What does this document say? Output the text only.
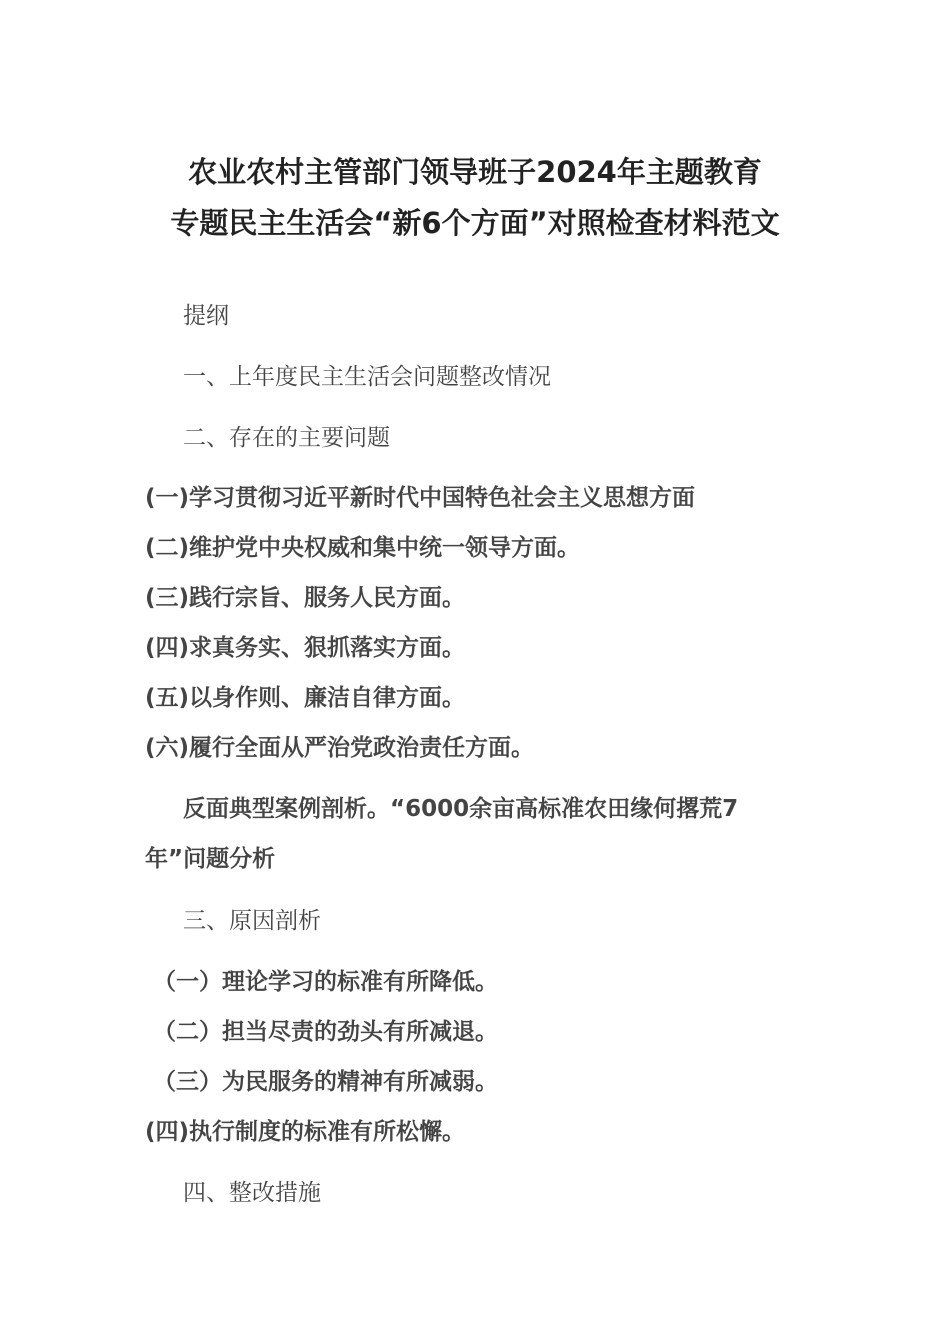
农业农村主管部门领导班子2024年主题教育
专题民主生活会“新6个方面”对照检查材料范文
提纲
一、上年度民主生活会问题整改情况
二、存在的主要问题
(一)学习贯彻习近平新时代中国特色社会主义思想方面
(二)维护党中央权威和集中统一领导方面。
(三)践行宗旨、服务人民方面。
(四)求真务实、狠抓落实方面。
(五)以身作则、廉洁自律方面。
(六)履行全面从严治党政治责任方面。
反面典型案例剖析。“6000余亩高标准农田缘何撂荒7
年”问题分析
三、原因剖析
（一）理论学习的标准有所降低。
（二）担当尽责的劲头有所减退。
（三）为民服务的精神有所减弱。
(四)执行制度的标准有所松懈。
四、整改措施
